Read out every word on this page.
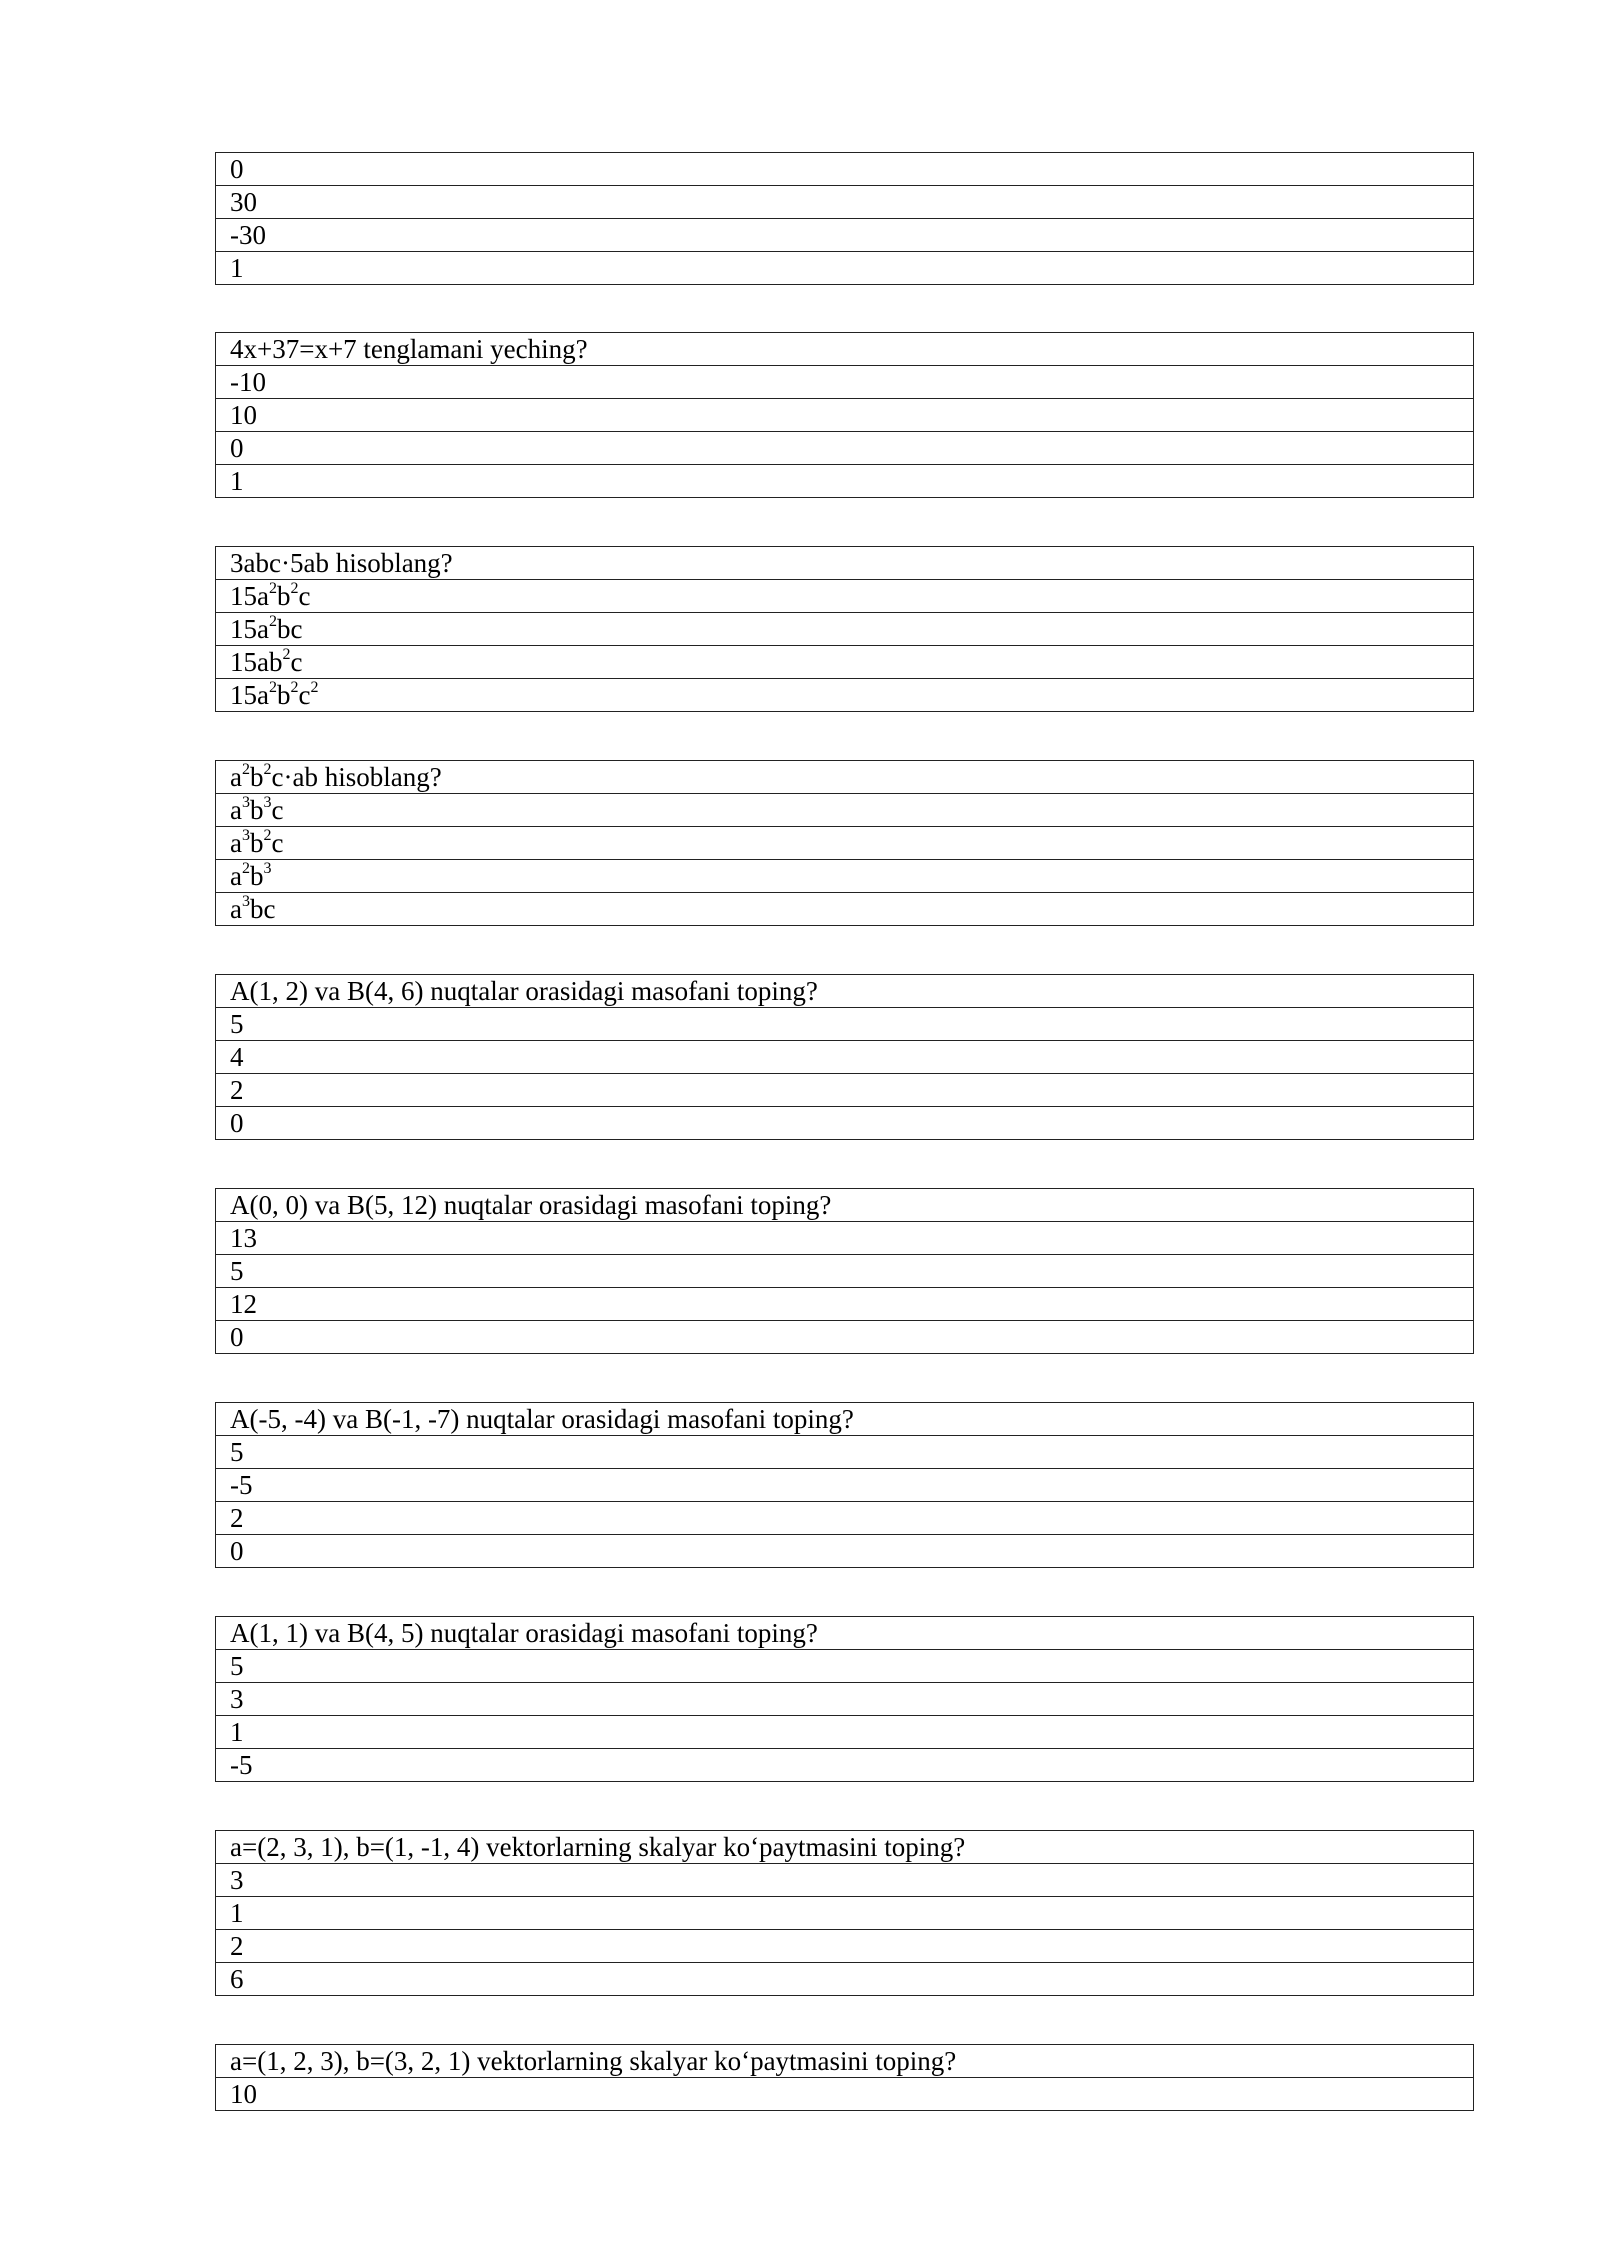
0
30
-30
1
4x+37=x+7 tenglamani yeching?
-10
10
0
1
3abc·5ab hisoblang?
$15a^2b^2c$
$15a^2bc$
$15ab^2c$
$15a^2b^2c^2$
$a^2b^2c\cdot ab$ hisoblang?
$a^3b^3c$
$a^3b^2c$
$a^2b^3$
$a^3bc$
A(1, 2) va B(4, 6) nuqtalar orasidagi masofani toping?
5
4
2
0
A(0, 0) va B(5, 12) nuqtalar orasidagi masofani toping?
13
5
12
0
A(-5, -4) va B(-1, -7) nuqtalar orasidagi masofani toping?
5
-5
2
0
A(1, 1) va B(4, 5) nuqtalar orasidagi masofani toping?
5
3
1
-5
a=(2, 3, 1), b=(1, -1, 4) vektorlarning skalyar ko‘paytmasini toping?
3
1
2
6
a=(1, 2, 3), b=(3, 2, 1) vektorlarning skalyar ko‘paytmasini toping?
10
